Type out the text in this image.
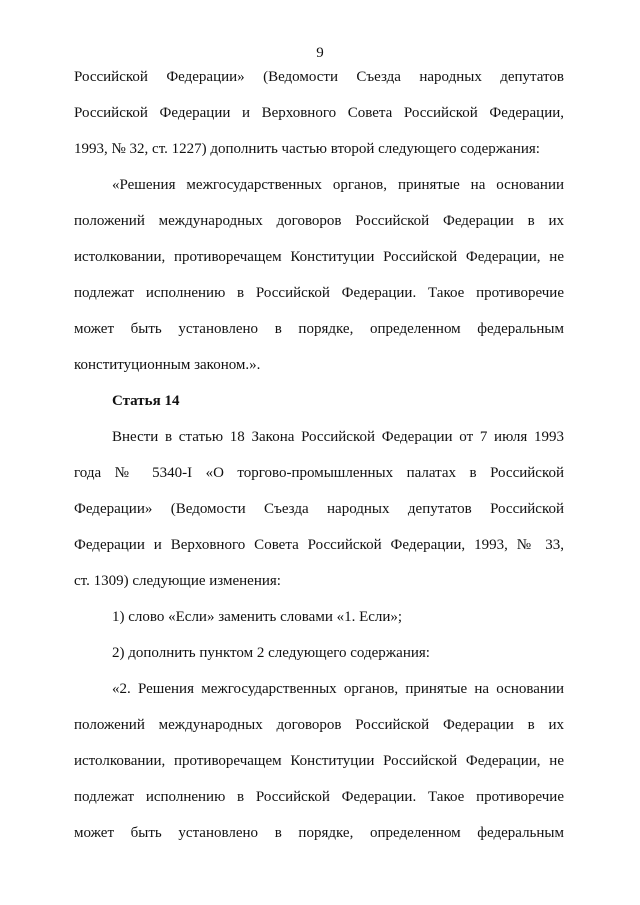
9
Российской Федерации» (Ведомости Съезда народных депутатов
Российской Федерации и Верховного Совета Российской Федерации,
1993, № 32, ст. 1227) дополнить частью второй следующего содержания:
«Решения межгосударственных органов, принятые на основании
положений международных договоров Российской Федерации в их
истолковании, противоречащем Конституции Российской Федерации, не
подлежат исполнению в Российской Федерации. Такое противоречие
может быть установлено в порядке, определенном федеральным
конституционным законом.».
Статья 14
Внести в статью 18 Закона Российской Федерации от 7 июля 1993
года № 5340-I «О торгово-промышленных палатах в Российской
Федерации» (Ведомости Съезда народных депутатов Российской
Федерации и Верховного Совета Российской Федерации, 1993, № 33,
ст. 1309) следующие изменения:
1) слово «Если» заменить словами «1. Если»;
2) дополнить пунктом 2 следующего содержания:
«2. Решения межгосударственных органов, принятые на основании
положений международных договоров Российской Федерации в их
истолковании, противоречащем Конституции Российской Федерации, не
подлежат исполнению в Российской Федерации. Такое противоречие
может быть установлено в порядке, определенном федеральным
